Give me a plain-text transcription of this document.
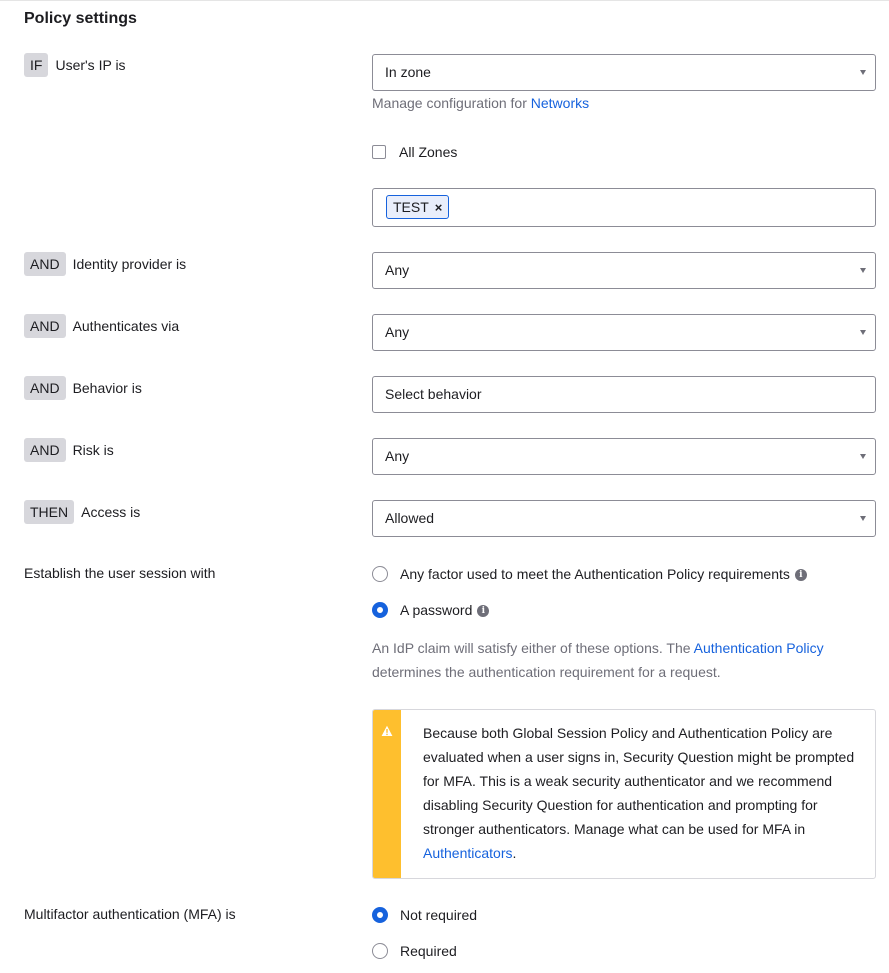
Policy settings
IF User's IP is	In zone
Manage configuration for Networks
All Zones
TEST ×
AND Identity provider is	Any
AND Authenticates via	Any
AND Behavior is	Select behavior
AND Risk is	Any
THEN Access is	Allowed
Establish the user session with	Any factor used to meet the Authentication Policy requirements i
A password i
An IdP claim will satisfy either of these options. The Authentication Policy determines the authentication requirement for a request.
Because both Global Session Policy and Authentication Policy are evaluated when a user signs in, Security Question might be prompted for MFA. This is a weak security authenticator and we recommend disabling Security Question for authentication and prompting for stronger authenticators. Manage what can be used for MFA in Authenticators.
Multifactor authentication (MFA) is	Not required
Required
